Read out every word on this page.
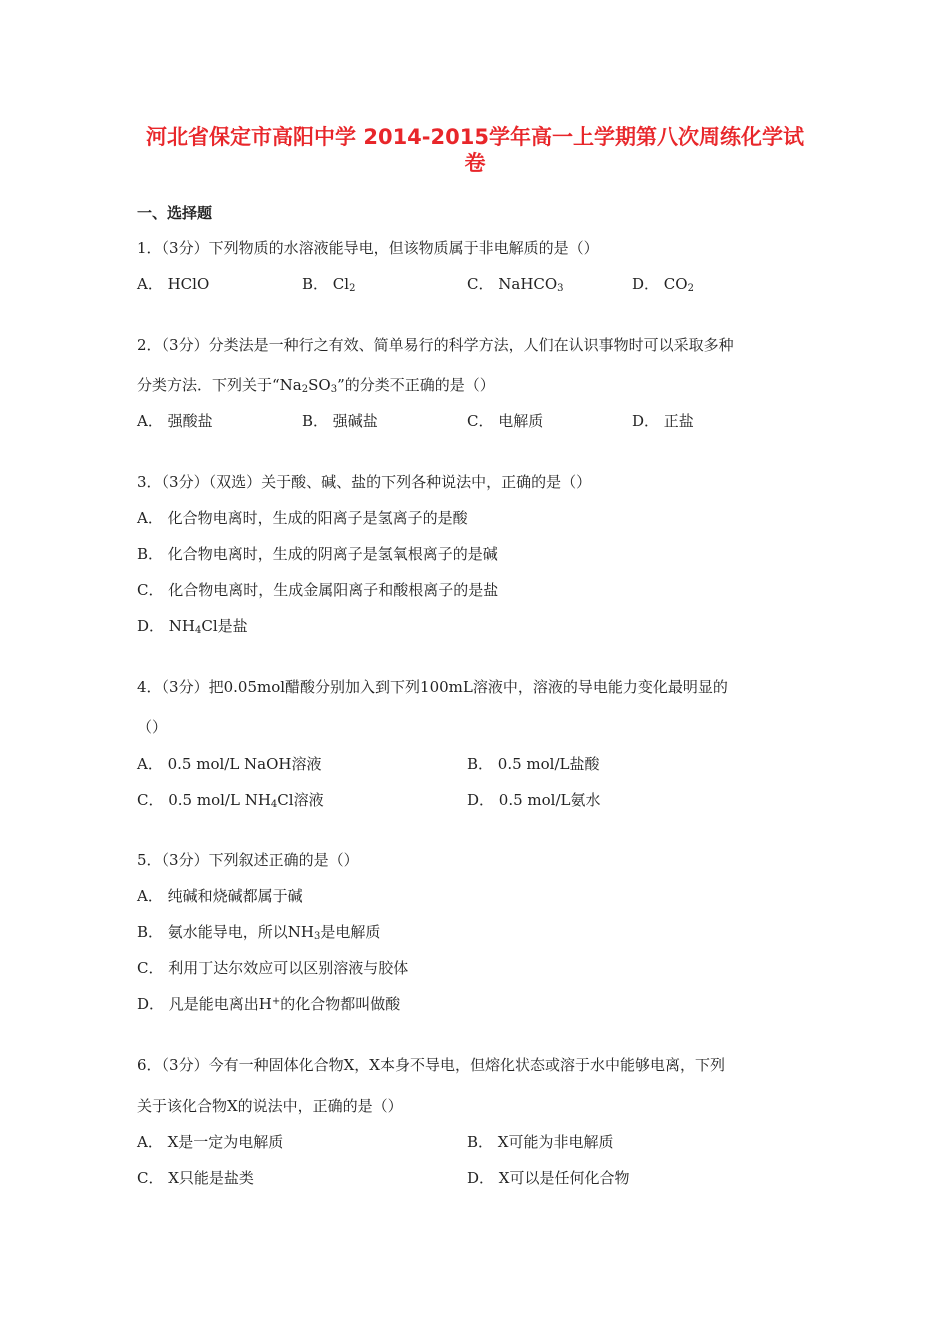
河北省保定市高阳中学 2014-2015学年高一上学期第八次周练化学试
卷
一、选择题
1．（3分）下列物质的水溶液能导电，但该物质属于非电解质的是（）
A． HClO	B． $Cl_2$	C． NaHCO$_3$	D． $CO_2$
2．（3分）分类法是一种行之有效、简单易行的科学方法，人们在认识事物时可以采取多种
分类方法．下列关于“$Na_2SO_3$”的分类不正确的是（）
A． 强酸盐	B． 强碱盐	C． 电解质	D． 正盐
3．（3分）（双选）关于酸、碱、盐的下列各种说法中，正确的是（）
A． 化合物电离时，生成的阳离子是氢离子的是酸
B． 化合物电离时，生成的阴离子是氢氧根离子的是碱
C． 化合物电离时，生成金属阳离子和酸根离子的是盐
D． $NH_4Cl$是盐
4．（3分）把0.05mol醋酸分别加入到下列100mL溶液中，溶液的导电能力变化最明显的
（）
A． 0.5 mol/L NaOH溶液	B． 0.5 mol/L盐酸
C． 0.5 mol/L $NH_4Cl$溶液	D． 0.5 mol/L氨水
5．（3分）下列叙述正确的是（）
A． 纯碱和烧碱都属于碱
B． 氨水能导电，所以$NH_3$是电解质
C． 利用丁达尔效应可以区别溶液与胶体
D． 凡是能电离出H+的化合物都叫做酸
6．（3分）今有一种固体化合物X，X本身不导电，但熔化状态或溶于水中能够电离，下列
关于该化合物X的说法中，正确的是（）
A． X是一定为电解质	B． X可能为非电解质
C． X只能是盐类	D． X可以是任何化合物
